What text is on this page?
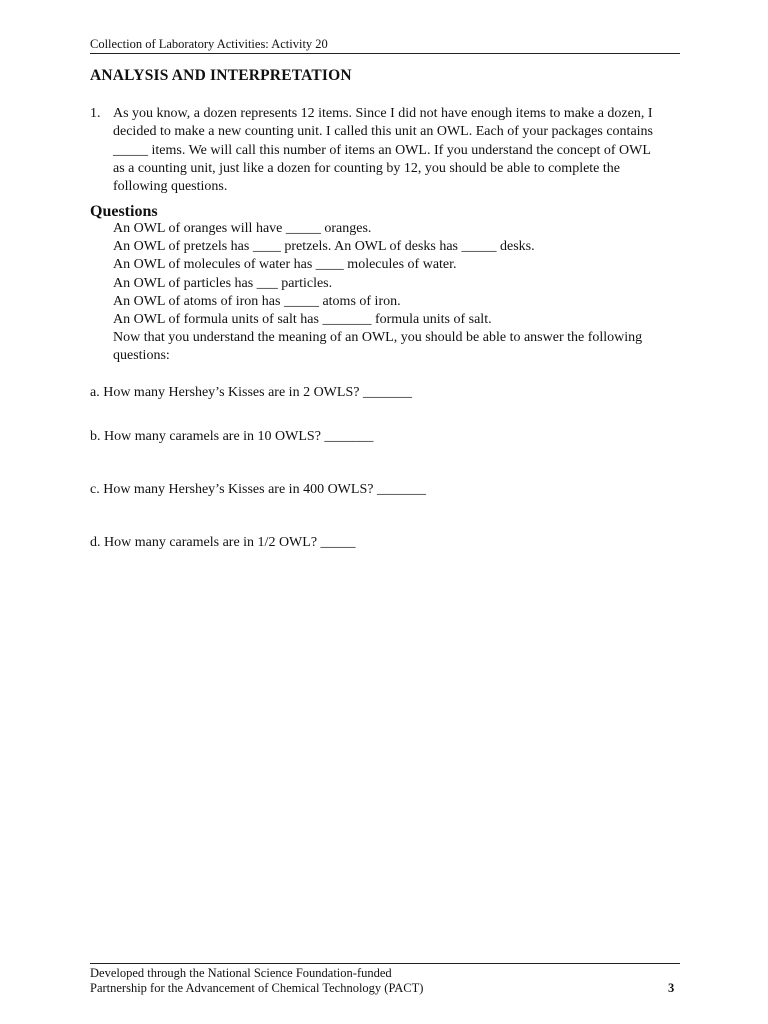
Collection of Laboratory Activities: Activity 20
ANALYSIS AND INTERPRETATION
1. As you know, a dozen represents 12 items. Since I did not have enough items to make a dozen, I
decided to make a new counting unit. I called this unit an OWL. Each of your packages contains
_____ items. We will call this number of items an OWL. If you understand the concept of OWL
as a counting unit, just like a dozen for counting by 12, you should be able to complete the
following questions.
Questions
An OWL of oranges will have _____ oranges.
An OWL of pretzels has ____ pretzels. An OWL of desks has _____ desks.
An OWL of molecules of water has ____ molecules of water.
An OWL of particles has ___ particles.
An OWL of atoms of iron has _____ atoms of iron.
An OWL of formula units of salt has _______ formula units of salt.
Now that you understand the meaning of an OWL, you should be able to answer the following
questions:
a. How many Hershey’s Kisses are in 2 OWLS? _______
b. How many caramels are in 10 OWLS? _______
c. How many Hershey’s Kisses are in 400 OWLS? _______
d. How many caramels are in 1/2 OWL? _____
Developed through the National Science Foundation-funded
Partnership for the Advancement of Chemical Technology (PACT)	3
